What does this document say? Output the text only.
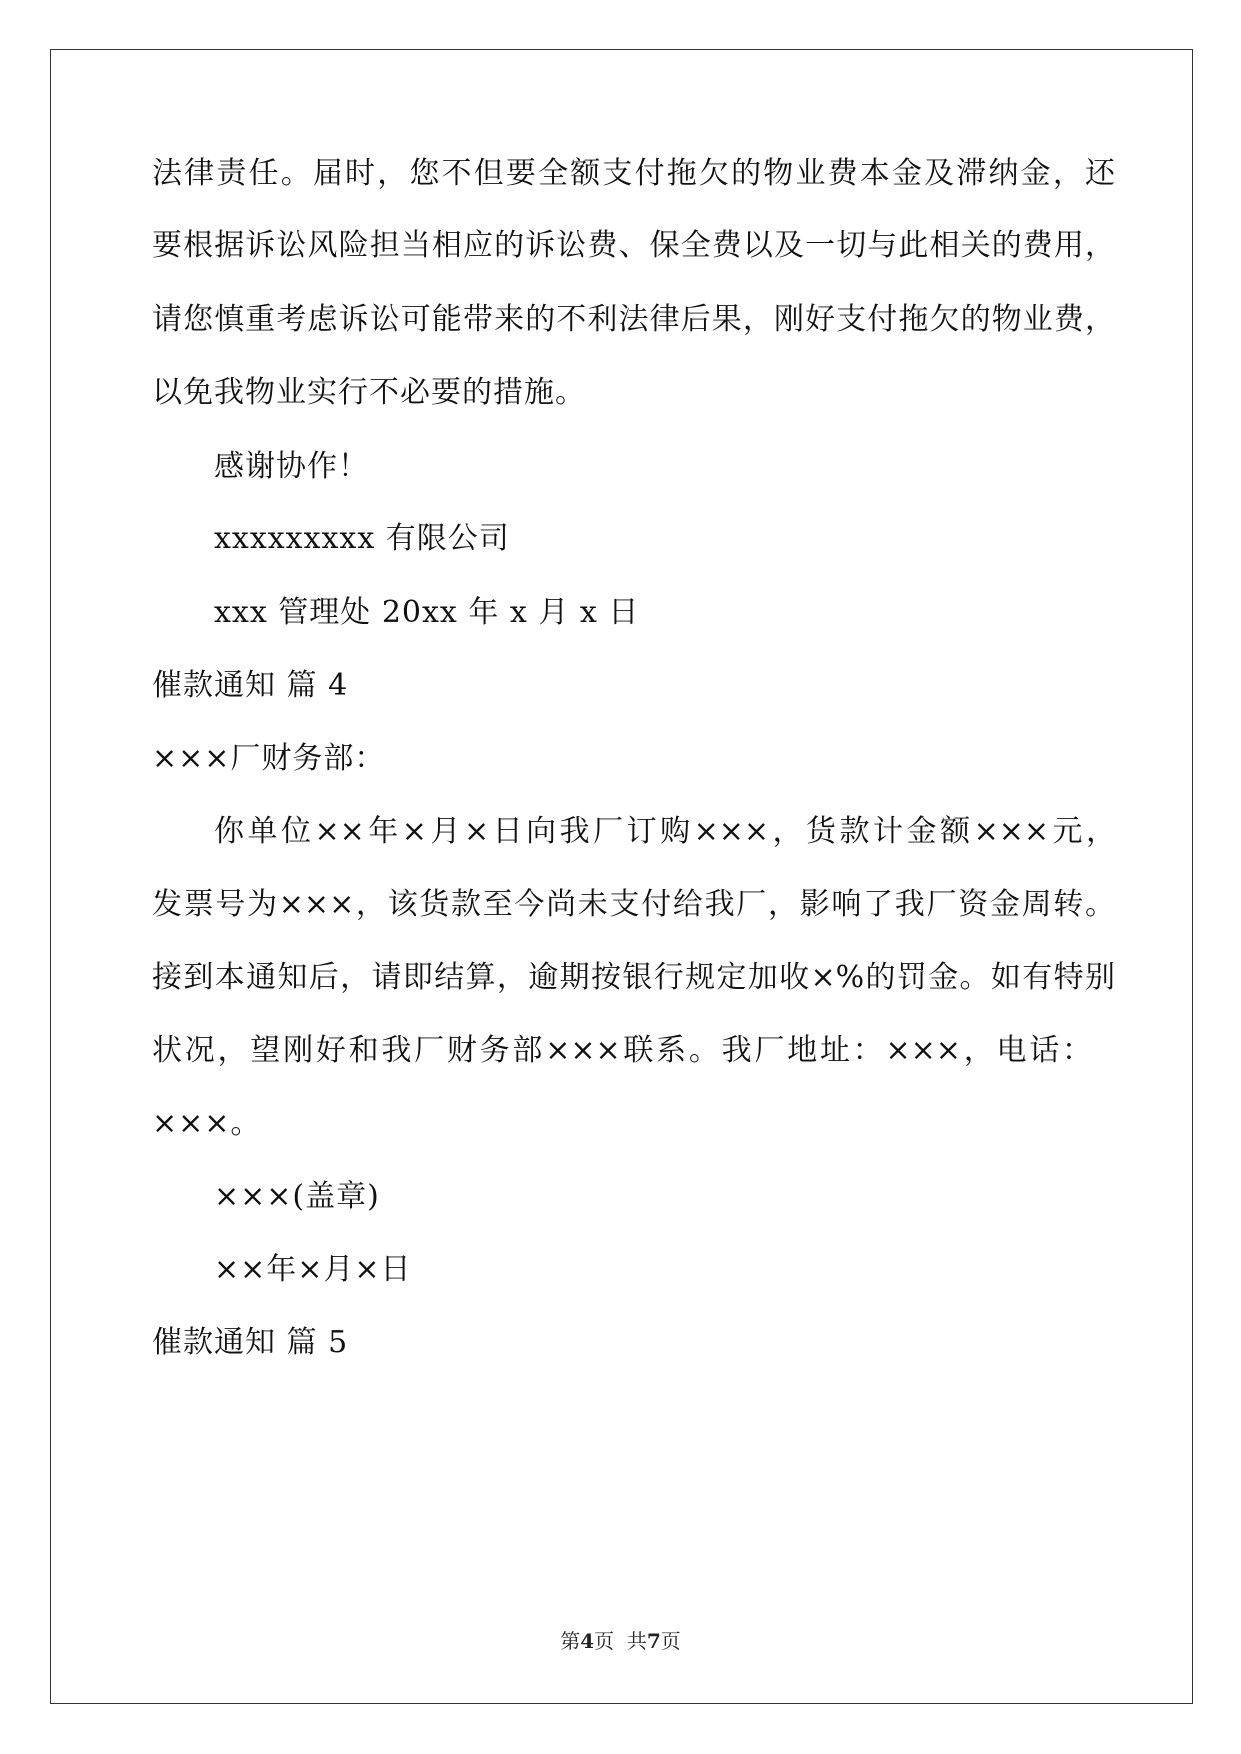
法律责任。届时，您不但要全额支付拖欠的物业费本金及滞纳金，还
要根据诉讼风险担当相应的诉讼费、保全费以及一切与此相关的费用，
请您慎重考虑诉讼可能带来的不利法律后果，刚好支付拖欠的物业费，
以免我物业实行不必要的措施。
感谢协作！
xxxxxxxxx 有限公司
xxx 管理处 20xx 年 x 月 x 日
催款通知 篇 4
×××厂财务部：
你单位××年×月×日向我厂订购×××，货款计金额×××元，
发票号为×××，该货款至今尚未支付给我厂，影响了我厂资金周转。
接到本通知后，请即结算，逾期按银行规定加收×%的罚金。如有特别
状况，望刚好和我厂财务部×××联系。我厂地址：×××，电话：
×××。
×××(盖章)
××年×月×日
催款通知 篇 5
第4页  共7页
